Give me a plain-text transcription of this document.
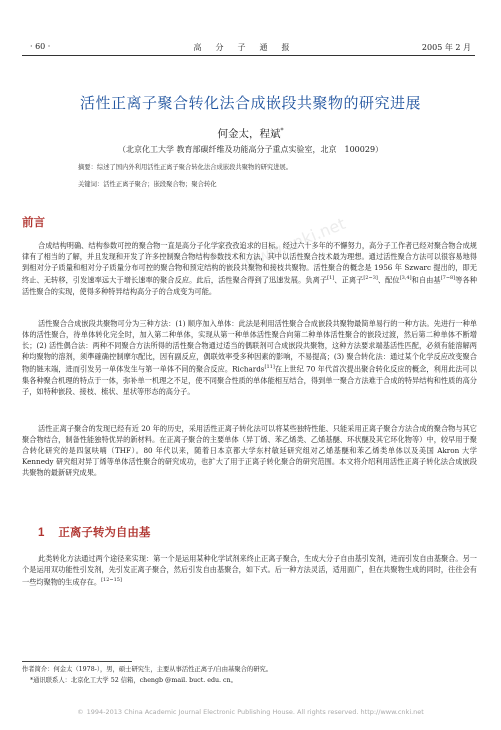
· 60 ·	高分子通报	2005 年 2 月
www.cnki.net
活性正离子聚合转化法合成嵌段共聚物的研究进展
何金太，程斌*
（北京化工大学 教育部碳纤维及功能高分子重点实验室，北京　100029）
摘要：综述了国内外利用活性正离子聚合转化法合成嵌段共聚物的研究进展。
关键词：活性正离子聚合；嵌段聚合物；聚合转化
前言
合成结构明确、结构参数可控的聚合物一直是高分子化学家孜孜追求的目标。经过六十多年的不懈努力，高分子工作者已经对聚合物合成规律有了相当的了解，并且发现和开发了许多控制聚合物结构参数技术和方法，其中以活性聚合技术最为理想。通过活性聚合方法可以很容易地得到相对分子质量和相对分子质量分布可控的聚合物和预定结构的嵌段共聚物和接枝共聚物。活性聚合的概念是 1956 年 Szwarc 提出的，即无终止、无转移，引发速率远大于增长速率的聚合反应。此后，活性聚合得到了迅速发展。负离子[1]、正离子[2~3]、配位[3,4]和自由基[7~8]等各种活性聚合的实现，使得多种特异结构高分子的合成变为可能。
活性聚合合成嵌段共聚物可分为三种方法：(1) 顺序加入单体：此法是利用活性聚合合成嵌段共聚物最简单易行的一种方法。先进行一种单体的活性聚合，待单体转化完全时，加入第二种单体，实现从第一种单体活性聚合向第二种单体活性聚合的嵌段过渡，然后第二种单体不断增长；(2) 活性偶合法：两种不同聚合方法所得的活性聚合物通过适当的偶联剂可合成嵌段共聚物，这种方法要求端基活性匹配，必须有能溶解两种均聚物的溶剂，须準確确控制摩尔配比，因有副反应，偶联效率受多种因素的影响，不易提高；(3) 聚合转化法：通过某个化学反应改变聚合物的链末端，进而引发另一单体发生与第一单体不同的聚合反应。Richards[11]在上世纪 70 年代首次提出聚合转化反应的概念，利用此法可以集各种聚合机理的特点于一体，弥补单一机理之不足，使不同聚合性质的单体能相互结合，得到单一聚合方法难于合成的特异结构和性质的高分子，如特种嵌段、接枝、梳状、星状等形态的高分子。
活性正离子聚合的发现已经有近 20 年的历史，采用活性正离子转化法可以将某些独特性能、只能采用正离子聚合方法合成的聚合物与其它聚合物结合，制备性能独特优异的新材料。在正离子聚合的主要单体（异丁烯、苯乙烯类、乙烯基醚、环状醚及其它环化物等）中，较早用于聚合转化研究的是四氢呋喃（THF）。80 年代以来，随着日本京都大学东村敏延研究组对乙烯基醚和苯乙烯类单体以及美国 Akron 大学 Kennedy 研究组对异丁烯等单体活性聚合的研究成功，也扩大了用于正离子转化聚合的研究范围。本文将介绍利用活性正离子转化法合成嵌段共聚物的最新研究成果。
1 正离子转为自由基
此类转化方法通过两个途径来实现：第一个是运用某种化学试剂来终止正离子聚合，生成大分子自由基引发剂，进而引发自由基聚合。另一个是运用双功能性引发剂，先引发正离子聚合，然后引发自由基聚合，如下式。后一种方法灵活，适用面广，但在共聚物生成的同时，往往会有一些均聚物的生成存在。[12~15]
作者简介：何金太（1978-），男，硕士研究生，主要从事活性正离子/自由基聚合的研究。
*通讯联系人：北京化工大学 52 信箱，chengb @mail. buct. edu. cn。
© 1994-2013 China Academic Journal Electronic Publishing House. All rights reserved. http://www.cnki.net
